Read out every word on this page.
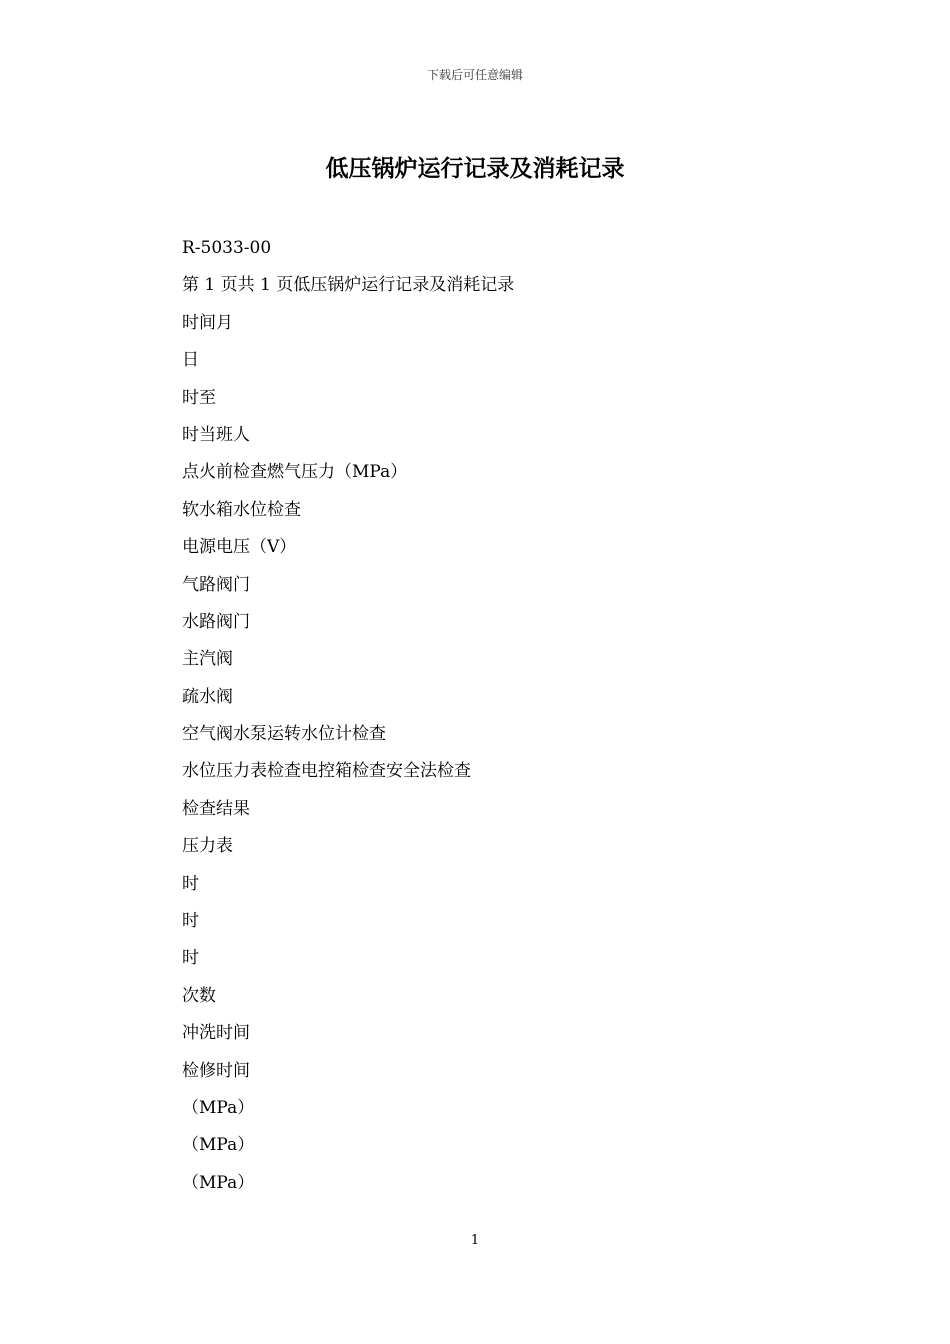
下载后可任意编辑
低压锅炉运行记录及消耗记录
R-5033-00
第 1 页共 1 页低压锅炉运行记录及消耗记录
时间月
日
时至
时当班人
点火前检查燃气压力（MPa）
软水箱水位检查
电源电压（V）
气路阀门
水路阀门
主汽阀
疏水阀
空气阀水泵运转水位计检查
水位压力表检查电控箱检查安全法检查
检查结果
压力表
时
时
时
次数
冲洗时间
检修时间
（MPa）
（MPa）
（MPa）
1
